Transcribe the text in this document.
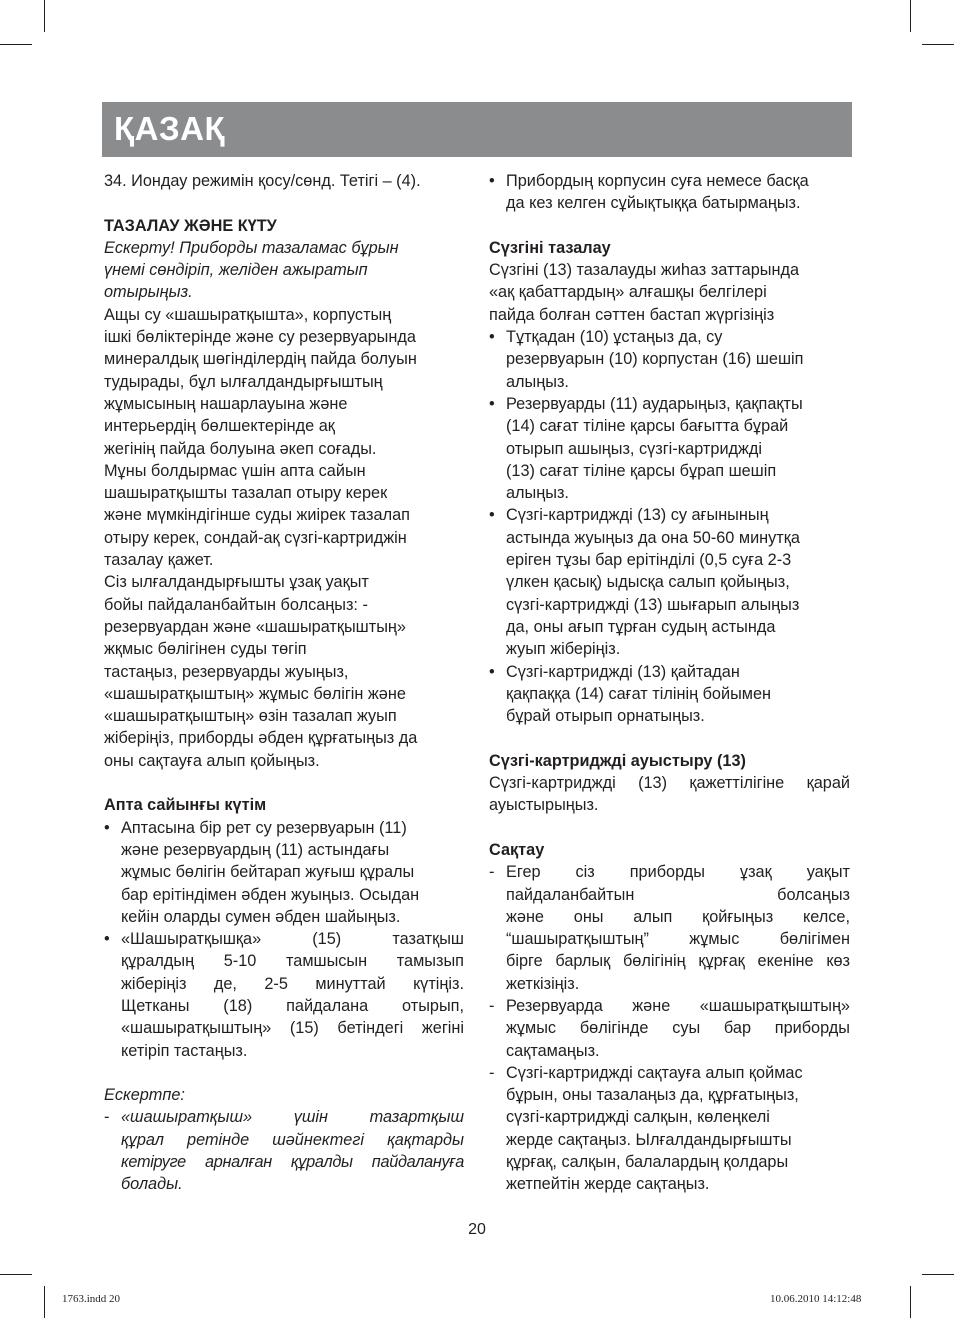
ҚАЗАҚ

34. Иондау режимін қосу/сөнд. Тетігі – (4).

ТАЗАЛАУ ЖӘНЕ КҮТУ

Ескерту! Приборды тазаламас бұрын

үнемі сөндіріп, желіден ажыратып

отырыңыз.

Ащы су «шашыратқышта», корпустың

ішкі бөліктерінде және су резервуарында

минералдық шөгінділердің пайда болуын

тудырады, бұл ылғалдандырғыштың

жұмысының нашарлауына және

интерьердің бөлшектерінде ақ

жегінің пайда болуына әкеп соғады.

Мұны болдырмас үшін апта сайын

шашыратқышты тазалап отыру керек

және мүмкіндігінше суды жиірек тазалап

отыру керек, сондай-ақ сүзгі-картриджін

тазалау қажет.

Сіз ылғалдандырғышты ұзақ уақыт

бойы пайдаланбайтын болсаңыз: -

резервуардан және «шашыратқыштың»

жқмыс бөлігінен суды төгіп

тастаңыз, резервуарды жуыңыз,

«шашыратқыштың» жұмыс бөлігін және

«шашыратқыштың» өзін тазалап жуып

жіберіңіз, приборды әбден құрғатыңыз да

оны сақтауға алып қойыңыз.

Апта сайынғы күтім

• Аптасына бір рет су резервуарын (11)

және резервуардың (11) астындағы

жұмыс бөлігін бейтарап жуғыш құралы

бар ерітіндімен әбден жуыңыз. Осыдан

кейін оларды сумен әбден шайыңыз.

• «Шашыратқышқа» (15) тазатқыш

құралдың 5-10 тамшысын тамызып

жіберіңіз де, 2-5 минуттай күтіңіз.

Щетканы (18) пайдалана отырып,

«шашыратқыштың» (15) бетіндегі жегіні

кетіріп тастаңыз.

Ескертпе:

- «шашыратқыш» үшін тазартқыш

құрал ретінде шәйнектегі қақтарды

кетіруге арналған құралды пайдалануға

болады.

• Прибордың корпусин суға немесе басқа

да кез келген сұйықтыққа батырмаңыз.

Сүзгіні тазалау

Сүзгіні (13) тазалауды жиһаз заттарында

«ақ қабаттардың» алғашқы белгілері

пайда болған сәттен бастап жүргізіңіз

• Тұтқадан (10) ұстаңыз да, су

резервуарын (10) корпустан (16) шешіп

алыңыз.

• Резервуарды (11) аударыңыз, қақпақты

(14) сағат тіліне қарсы бағытта бұрай

отырып ашыңыз, сүзгі-картриджді

(13) сағат тіліне қарсы бұрап шешіп

алыңыз.

• Сүзгі-картриджді (13) су ағынының

астында жуыңыз да она 50-60 минутқа

еріген тұзы бар ерітінділі (0,5 суға 2-3

үлкен қасық) ыдысқа салып қойыңыз,

сүзгі-картриджді (13) шығарып алыңыз

да, оны ағып тұрған судың астында

жуып жіберіңіз.

• Сүзгі-картриджді (13) қайтадан

қақпаққа (14) сағат тілінің бойымен

бұрай отырып орнатыңыз.

Сүзгі-картриджді ауыстыру (13)

Сүзгі-картриджді (13) қажеттілігіне қарай

ауыстырыңыз.

Сақтау

- Егер сіз приборды ұзақ уақыт

пайдаланбайтын болсаңыз

және оны алып қойғыңыз келсе,

“шашыратқыштың” жұмыс бөлігімен

бірге барлық бөлігінің құрғақ екеніне көз

жеткізіңіз.

- Резервуарда және «шашыратқыштың»

жұмыс бөлігінде суы бар приборды

сақтамаңыз.

- Сүзгі-картриджді сақтауға алып қоймас

бұрын, оны тазалаңыз да, құрғатыңыз,

сүзгі-картриджді салқын, көлеңкелі

жерде сақтаңыз. Ылғалдандырғышты

құрғақ, салқын, балалардың қолдары

жетпейтін жерде сақтаңыз.

20
1763.indd 20	10.06.2010 14:12:48
